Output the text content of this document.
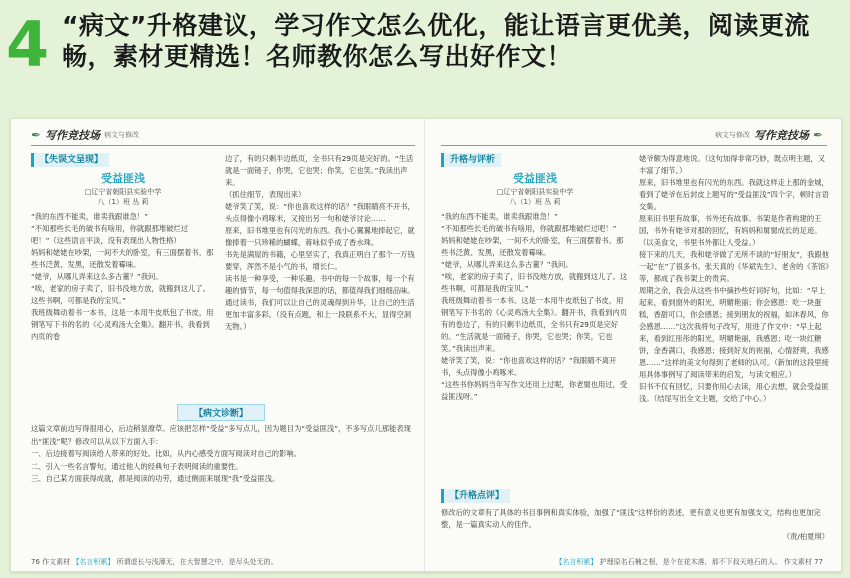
4 “病文”升格建议，学习作文怎么优化，能让语言更优美，阅读更流畅，素材更精选！名师教你怎么写出好作文！
✒ 写作竞技场 病文与修改
【失误文呈现】
受益匪浅
□辽宁省朝阳县实验中学
八（1）班 丛 莉
“我的东西不能卖，谁卖我跟谁急！”
“不知那些长毛的破书有啥用，你就跟那堆破烂过吧！”（这些语言平淡，没有表现出人物性格）
妈妈和姥姥在吵架，一间不大的卧室，有三面摆着书，那些书泛黄、发黑，还散发着霉味。
“姥爷，从哪儿弄来这么多古董？”我问。
“唉，老家的房子卖了，旧书没地方放，就搬到这儿了。这些书啊，可都是我的宝贝。”
我班级舞动着书一本书，这是一本用牛皮纸包了书皮，用钢笔写下书的名的《心灵鸡汤大全集》。翻开书，我看到内页的卷
边了，有的只剩半边纸页，全书只有29页是完好的。“生活就是一面镜子，你哭，它也哭；你笑，它也笑。”我读出声来。
（抓住细节，表现出来）
姥爷笑了笑，说：“你也喜欢这样的话？”我眼睛亮不开书，头点得像小鸡啄米，又接出另一句和姥爷讨论……
原来，旧书堆里也有闪光的东西。我小心翼翼地捧起它，就像捧着一只珍稀的蝴蝶，蒋咏似乎成了香水珠。
书先是满屋的书籍，心里坚实了，我真正明白了那个一万钱要穿，浑然不是小气的书，增长仁。
读书是一种享受，一种乐趣。书中的每一个故事，每一个有趣的情节，每一句值得我深思的话，都值得我们细细品味。通过读书，我们可以让自己的灵魂得到升华，让自己的生活更加丰富多彩。（没有点题，和上一段联系不大，显得空洞无物。）
【病文诊断】
这篇文章前边写得很用心，后边稍显潦草。应该把怎样“受益”多写点儿，因为题目为“受益匪浅”，不多写点儿那能表现出“匪浅”呢？修改可以从以下方面入手：
一、后边接着写阅读给人带来的好处。比如，从内心感受方面写阅读对自己的影响。
二、引入一些名言警句，通过他人的经典句子表明阅读的重要性。
三、自己某方面获得成就，都是阅读的功劳，通过侧面来展现“我”受益匪浅。
76 作文素材 【名言积累】 所谓虚长与浅薄无，在大智慧之中，是尽头处无的。
病文与修改 写作竞技场 ✒
升格与评析
受益匪浅
□辽宁省朝阳县实验中学
八（1）班 丛 莉
“我的东西不能卖，谁卖我跟谁急！”
“不知那些长毛的破书有啥用，你就跟那堆破烂过吧！”
妈妈和姥姥在吵架，一间不大的卧室，有三面摆着书。那些书泛黄、发黑，还散发着霉味。
“姥爷，从哪儿弄来这么多古董？”我问。
“唉，老家的房子卖了，旧书没地方放，就搬到这儿了。这些书啊，可都是我的宝贝。”
我班级舞动着书一本书。这是一本用牛皮纸包了书皮，用钢笔写下书名的《心灵鸡汤大全集》。翻开书，我看到内页有的卷边了，有的只剩半边纸页，全书只有29页是完好的。“生活就是一面镜子，你哭，它也哭；你笑，它也笑。”我读出声来。
姥爷笑了笑，说：“你也喜欢这样的话？”我眼睛不离开书，头点得像小鸡啄米。
“这些书你妈妈当年写作文还用上过呢，你老舅也用过，受益匪浅呀。”
姥爷颇为得意地说。（这句加得非常巧妙，既点明主题，又丰富了细节。）
原来，旧书堆里也有闪光的东西。我就这样走上那的金城，看到了姥爷在后封皮上题写的“受益匪浅”四个字，顿时言语交集。
原来旧书里有故事，书外还有故事。书架是作者构建的王国，书外有姥爷对那的回忆，有妈妈和舅舅成长的足迹。（以美食文，书里书外都让人受益。）
接下来的几天，我和姥爷做了无所不谈的“好朋友”，我跟他一起“在”了很多书。张天真的《华斌先生》、老舍的《茶馆》等，都成了我书架上的贵宾。
周期之余，我会从这些书中摘抄些好词好句，比如：“早上起来，看到窗外的阳光，明媚艳丽；你会感恩：吃一块蛋糕，香甜可口，你会感恩；接到朋友的祝福，如沐春风，你会感恩……”这次我将句子改写，用进了作文中：“早上起来，看到红彤彤的阳光，明媚艳丽，我感恩；吃一块红糖饼，金香满口，我感恩；接到好友的祝福，心情舒爽，我感恩……”这样的美文句得到了老师的认可。（新加的这段里接用具体事例写了阅读带来的启发，与读文相应。）
旧书不仅有回忆，只要你用心去读，用心去想，就会受益匪浅。（结尾写出全文主题，交给了中心。）
【升格点评】
修改后的文章有了具体的书目事例和真实体验，加强了“匪浅”这样份的表述，更有意义也更有加强支文，结构也更加完整，是一篇真实动人的佳作。
（责/柏夏琪）
【名言积累】 护理原名石楠之根，是个在花木落，那不下叔天地石的人。 作文素材 77
